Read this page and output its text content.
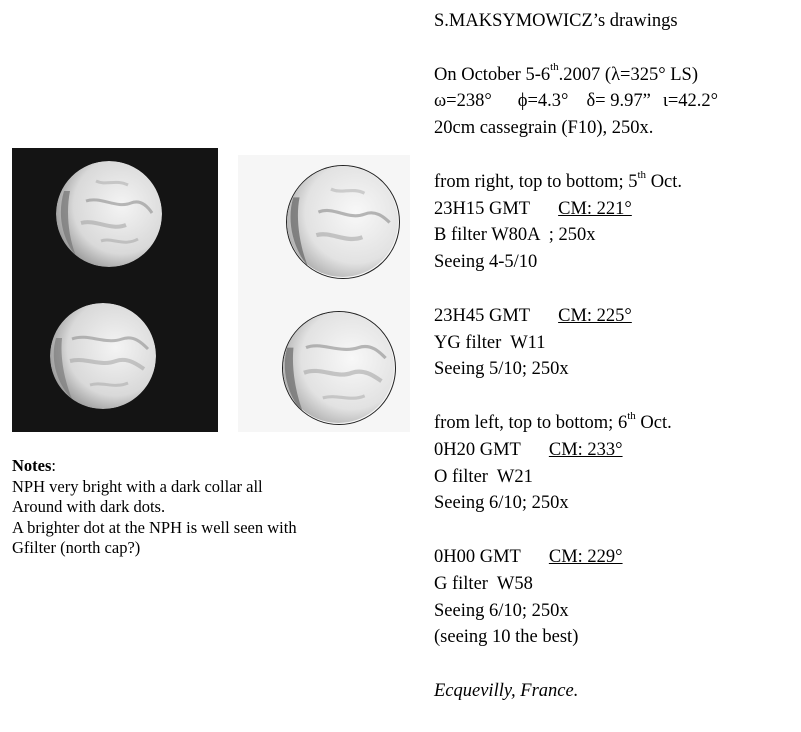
Notes:
NPH very bright with a dark collar all
Around with dark dots.
A brighter dot at the NPH is well seen with
Gfilter (north cap?)
S.MAKSYMOWICZ’s drawings
On October 5-6th.2007 (λ=325° LS)
ω=238° ϕ=4.3° δ= 9.97” ι=42.2°
20cm cassegrain (F10), 250x.
from right, top to bottom; 5th Oct.
23H15 GMT CM: 221°
B filter W80A  ; 250x
Seeing 4-5/10
23H45 GMT CM: 225°
YG filter  W11
Seeing 5/10; 250x
from left, top to bottom; 6th Oct.
0H20 GMT CM: 233°
O filter  W21
Seeing 6/10; 250x
0H00 GMT CM: 229°
G filter  W58
Seeing 6/10; 250x
(seeing 10 the best)
Ecquevilly, France.
